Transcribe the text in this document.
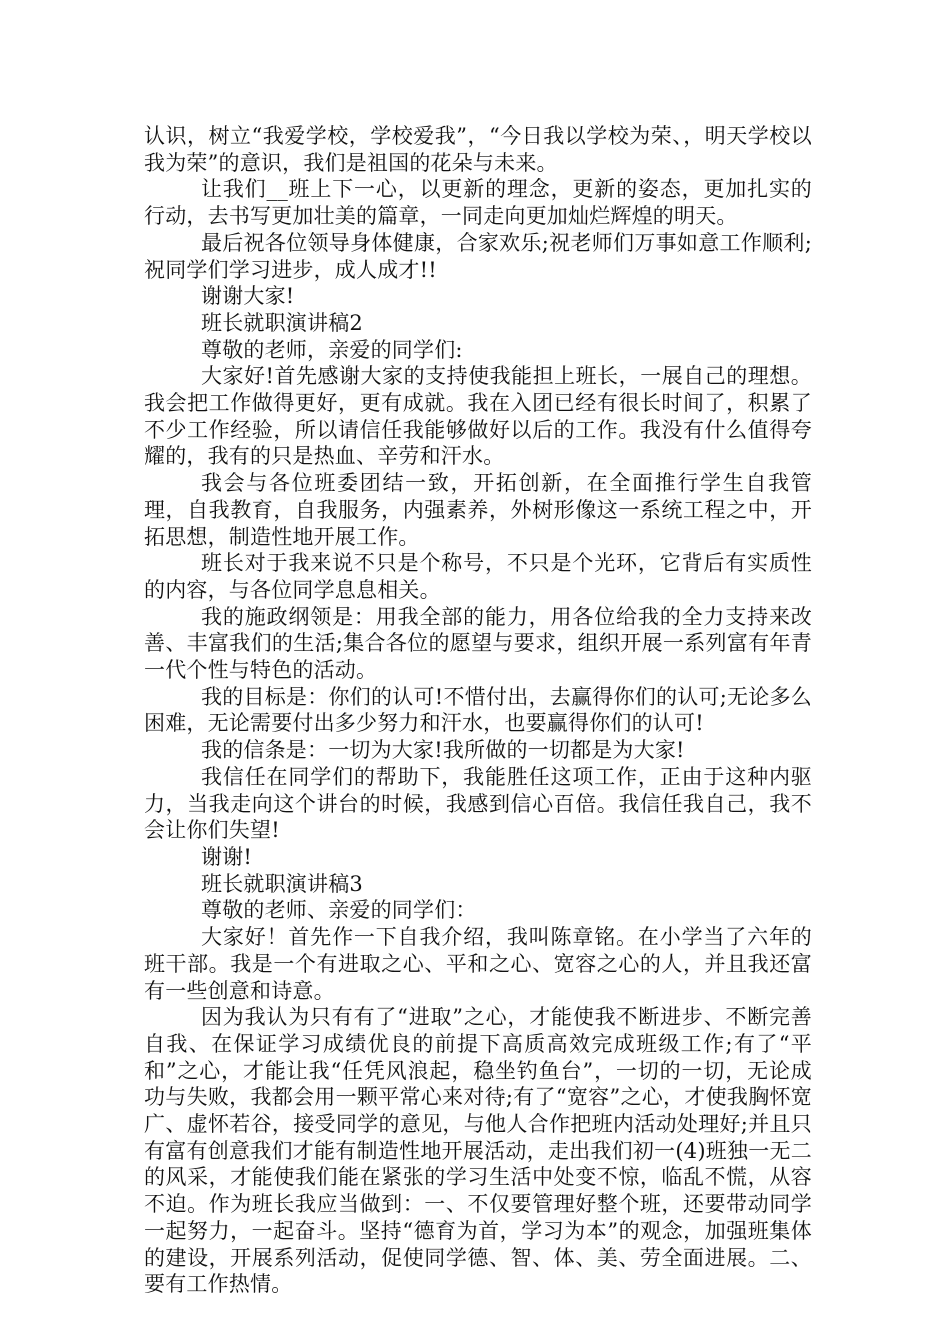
认识，树立“我爱学校，学校爱我”，“今日我以学校为荣、，明天学校以我为荣”的意识，我们是祖国的花朵与未来。

让我们__班上下一心，以更新的理念，更新的姿态，更加扎实的行动，去书写更加壮美的篇章，一同走向更加灿烂辉煌的明天。

最后祝各位领导身体健康，合家欢乐;祝老师们万事如意工作顺利;祝同学们学习进步，成人成才!!

谢谢大家!

班长就职演讲稿2

尊敬的老师，亲爱的同学们:

大家好!首先感谢大家的支持使我能担上班长，一展自己的理想。我会把工作做得更好，更有成就。我在入团已经有很长时间了，积累了不少工作经验，所以请信任我能够做好以后的工作。我没有什么值得夸耀的，我有的只是热血、辛劳和汗水。

我会与各位班委团结一致，开拓创新，在全面推行学生自我管理，自我教育，自我服务，内强素养，外树形像这一系统工程之中，开拓思想，制造性地开展工作。

班长对于我来说不只是个称号，不只是个光环，它背后有实质性的内容，与各位同学息息相关。

我的施政纲领是：用我全部的能力，用各位给我的全力支持来改善、丰富我们的生活;集合各位的愿望与要求，组织开展一系列富有年青一代个性与特色的活动。

我的目标是：你们的认可!不惜付出，去赢得你们的认可;无论多么困难，无论需要付出多少努力和汗水，也要赢得你们的认可!

我的信条是：一切为大家!我所做的一切都是为大家!

我信任在同学们的帮助下，我能胜任这项工作，正由于这种内驱力，当我走向这个讲台的时候，我感到信心百倍。我信任我自己，我不会让你们失望!

谢谢!

班长就职演讲稿3

尊敬的老师、亲爱的同学们：

大家好！首先作一下自我介绍，我叫陈章铭。在小学当了六年的班干部。我是一个有进取之心、平和之心、宽容之心的人，并且我还富有一些创意和诗意。

因为我认为只有有了“进取”之心，才能使我不断进步、不断完善自我、在保证学习成绩优良的前提下高质高效完成班级工作;有了“平和”之心，才能让我“任凭风浪起，稳坐钓鱼台”，一切的一切，无论成功与失败，我都会用一颗平常心来对待;有了“宽容”之心，才使我胸怀宽广、虚怀若谷，接受同学的意见，与他人合作把班内活动处理好;并且只有富有创意我们才能有制造性地开展活动，走出我们初一(4)班独一无二的风采，才能使我们能在紧张的学习生活中处变不惊，临乱不慌，从容不迫。作为班长我应当做到：一、不仅要管理好整个班，还要带动同学一起努力，一起奋斗。坚持“德育为首，学习为本”的观念，加强班集体的建设，开展系列活动，促使同学德、智、体、美、劳全面进展。二、要有工作热情。
